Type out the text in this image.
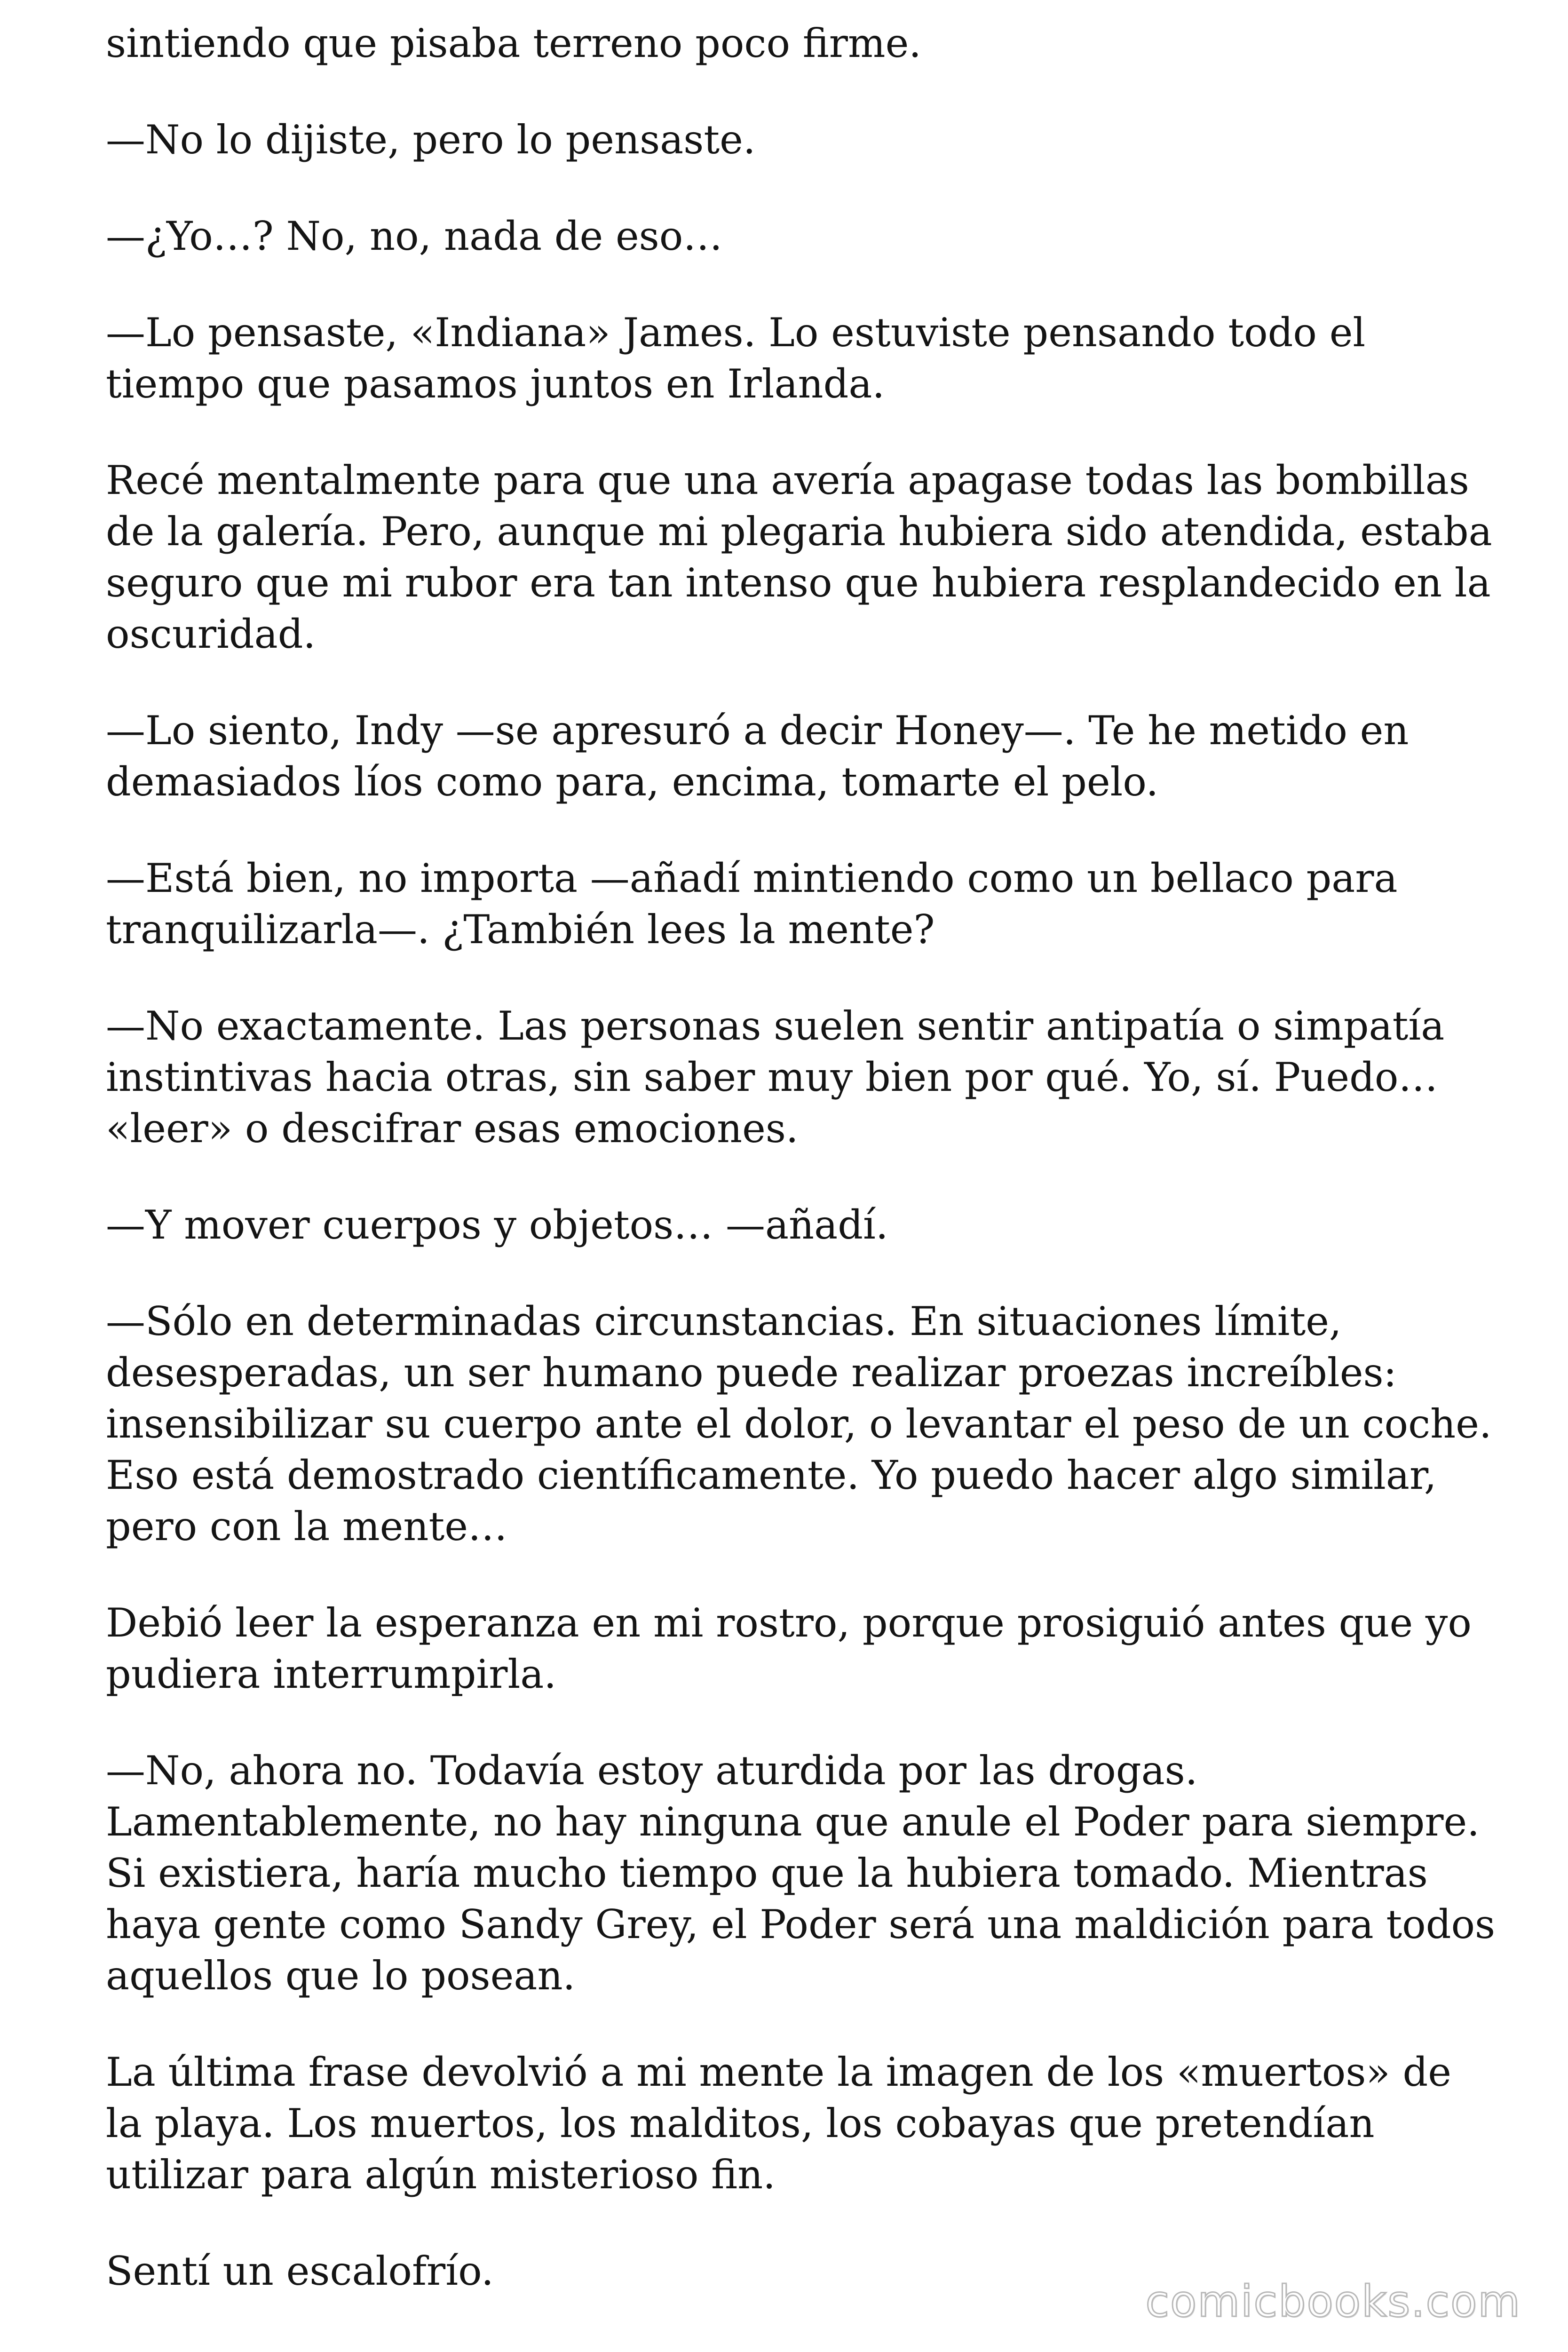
sintiendo que pisaba terreno poco firme.

—No lo dijiste, pero lo pensaste.

—¿Yo…? No, no, nada de eso…

—Lo pensaste, «Indiana» James. Lo estuviste pensando todo el tiempo que pasamos juntos en Irlanda.

Recé mentalmente para que una avería apagase todas las bombillas de la galería. Pero, aunque mi plegaria hubiera sido atendida, estaba seguro que mi rubor era tan intenso que hubiera resplandecido en la oscuridad.

—Lo siento, Indy —se apresuró a decir Honey—. Te he metido en demasiados líos como para, encima, tomarte el pelo.

—Está bien, no importa —añadí mintiendo como un bellaco para tranquilizarla—. ¿También lees la mente?

—No exactamente. Las personas suelen sentir antipatía o simpatía instintivas hacia otras, sin saber muy bien por qué. Yo, sí. Puedo… «leer» o descifrar esas emociones.

—Y mover cuerpos y objetos… —añadí.

—Sólo en determinadas circunstancias. En situaciones límite, desesperadas, un ser humano puede realizar proezas increíbles: insensibilizar su cuerpo ante el dolor, o levantar el peso de un coche. Eso está demostrado científicamente. Yo puedo hacer algo similar, pero con la mente…

Debió leer la esperanza en mi rostro, porque prosiguió antes que yo pudiera interrumpirla.

—No, ahora no. Todavía estoy aturdida por las drogas. Lamentablemente, no hay ninguna que anule el Poder para siempre. Si existiera, haría mucho tiempo que la hubiera tomado. Mientras haya gente como Sandy Grey, el Poder será una maldición para todos aquellos que lo posean.

La última frase devolvió a mi mente la imagen de los «muertos» de la playa. Los muertos, los malditos, los cobayas que pretendían utilizar para algún misterioso fin.

Sentí un escalofrío.

comicbooks.com
